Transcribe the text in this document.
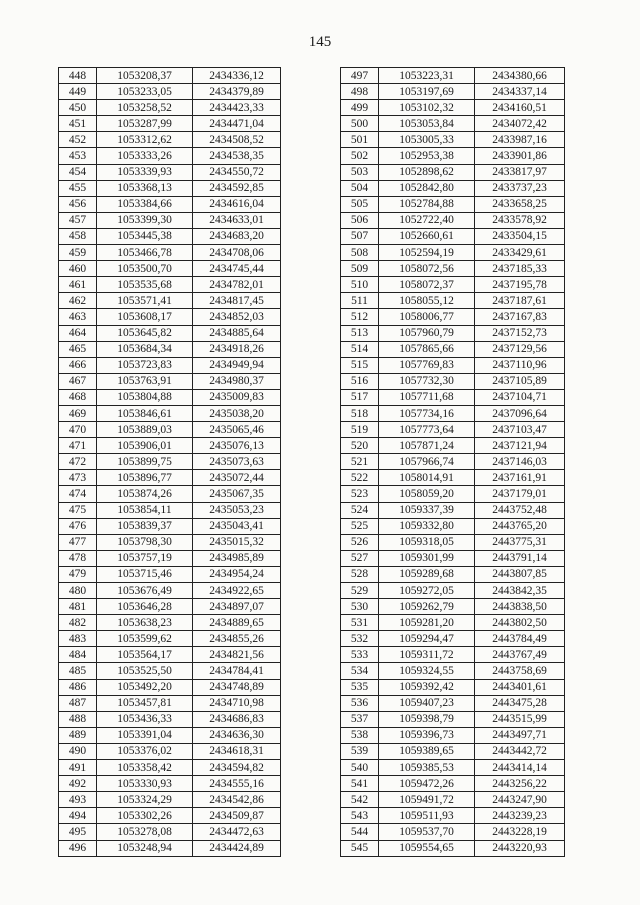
145
448	1053208,37	2434336,12
449	1053233,05	2434379,89
450	1053258,52	2434423,33
451	1053287,99	2434471,04
452	1053312,62	2434508,52
453	1053333,26	2434538,35
454	1053339,93	2434550,72
455	1053368,13	2434592,85
456	1053384,66	2434616,04
457	1053399,30	2434633,01
458	1053445,38	2434683,20
459	1053466,78	2434708,06
460	1053500,70	2434745,44
461	1053535,68	2434782,01
462	1053571,41	2434817,45
463	1053608,17	2434852,03
464	1053645,82	2434885,64
465	1053684,34	2434918,26
466	1053723,83	2434949,94
467	1053763,91	2434980,37
468	1053804,88	2435009,83
469	1053846,61	2435038,20
470	1053889,03	2435065,46
471	1053906,01	2435076,13
472	1053899,75	2435073,63
473	1053896,77	2435072,44
474	1053874,26	2435067,35
475	1053854,11	2435053,23
476	1053839,37	2435043,41
477	1053798,30	2435015,32
478	1053757,19	2434985,89
479	1053715,46	2434954,24
480	1053676,49	2434922,65
481	1053646,28	2434897,07
482	1053638,23	2434889,65
483	1053599,62	2434855,26
484	1053564,17	2434821,56
485	1053525,50	2434784,41
486	1053492,20	2434748,89
487	1053457,81	2434710,98
488	1053436,33	2434686,83
489	1053391,04	2434636,30
490	1053376,02	2434618,31
491	1053358,42	2434594,82
492	1053330,93	2434555,16
493	1053324,29	2434542,86
494	1053302,26	2434509,87
495	1053278,08	2434472,63
496	1053248,94	2434424,89
497	1053223,31	2434380,66
498	1053197,69	2434337,14
499	1053102,32	2434160,51
500	1053053,84	2434072,42
501	1053005,33	2433987,16
502	1052953,38	2433901,86
503	1052898,62	2433817,97
504	1052842,80	2433737,23
505	1052784,88	2433658,25
506	1052722,40	2433578,92
507	1052660,61	2433504,15
508	1052594,19	2433429,61
509	1058072,56	2437185,33
510	1058072,37	2437195,78
511	1058055,12	2437187,61
512	1058006,77	2437167,83
513	1057960,79	2437152,73
514	1057865,66	2437129,56
515	1057769,83	2437110,96
516	1057732,30	2437105,89
517	1057711,68	2437104,71
518	1057734,16	2437096,64
519	1057773,64	2437103,47
520	1057871,24	2437121,94
521	1057966,74	2437146,03
522	1058014,91	2437161,91
523	1058059,20	2437179,01
524	1059337,39	2443752,48
525	1059332,80	2443765,20
526	1059318,05	2443775,31
527	1059301,99	2443791,14
528	1059289,68	2443807,85
529	1059272,05	2443842,35
530	1059262,79	2443838,50
531	1059281,20	2443802,50
532	1059294,47	2443784,49
533	1059311,72	2443767,49
534	1059324,55	2443758,69
535	1059392,42	2443401,61
536	1059407,23	2443475,28
537	1059398,79	2443515,99
538	1059396,73	2443497,71
539	1059389,65	2443442,72
540	1059385,53	2443414,14
541	1059472,26	2443256,22
542	1059491,72	2443247,90
543	1059511,93	2443239,23
544	1059537,70	2443228,19
545	1059554,65	2443220,93
